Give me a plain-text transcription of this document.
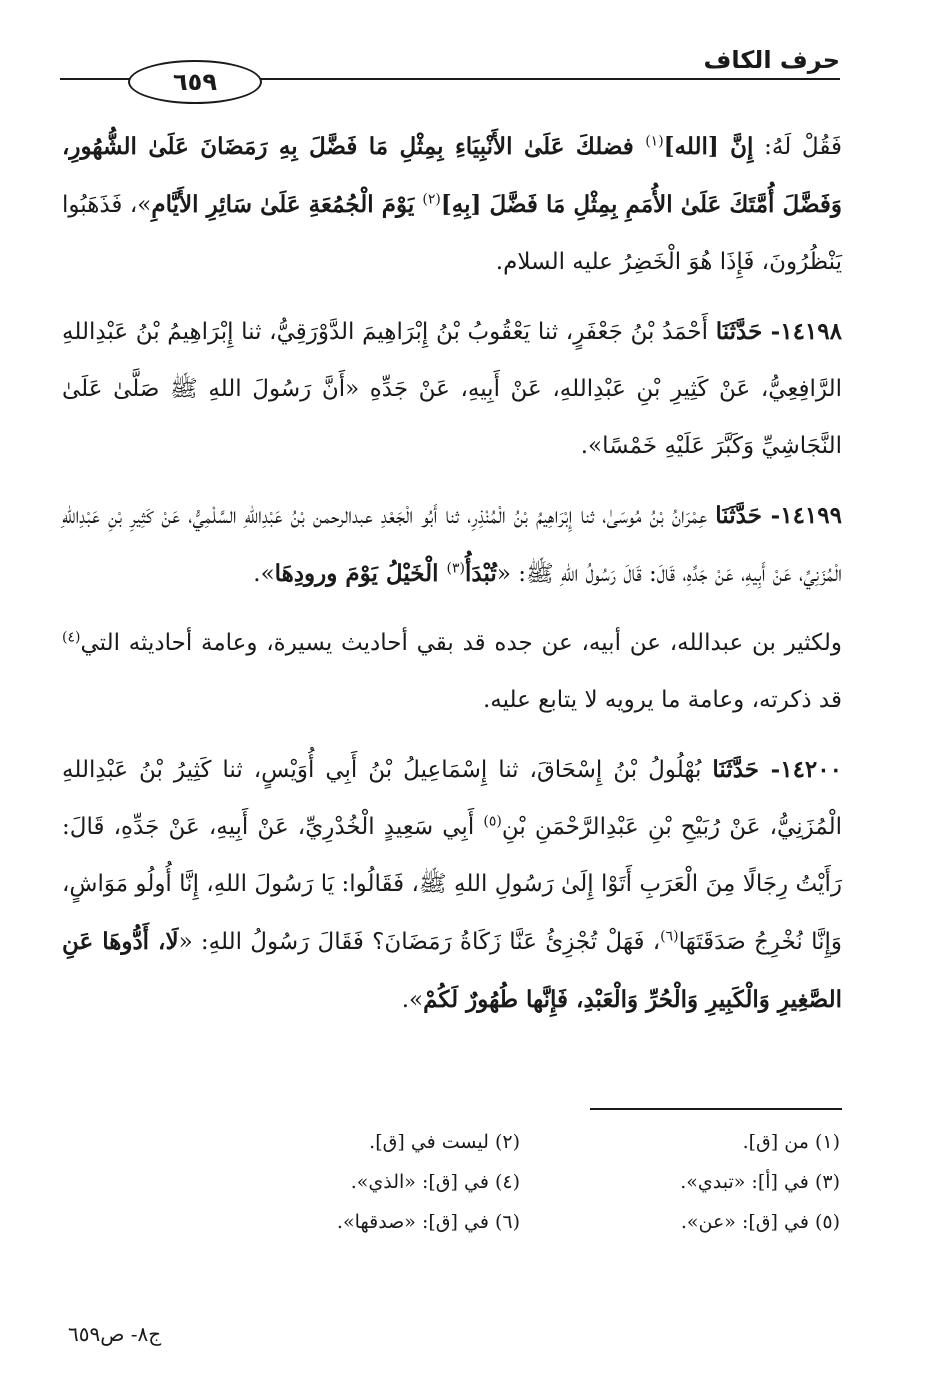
حرف الكاف
٦٥٩

فَقُلْ لَهُ: إِنَّ [الله]$^{(١)}$ فضلكَ عَلَىٰ الأَنْبِيَاءِ بِمِثْلِ مَا فَضَّلَ بِهِ رَمَضَانَ عَلَىٰ الشُّهُورِ، وَفَضَّلَ أُمَّتَكَ عَلَىٰ الأُمَمِ بِمِثْلِ مَا فَضَّلَ [بِهِ]$^{(٢)}$ يَوْمَ الْجُمُعَةِ عَلَىٰ سَائِرِ الأَيَّامِ»، فَذَهَبُوا يَنْظُرُونَ، فَإِذَا هُوَ الْخَضِرُ عليه السلام.

١٤١٩٨- حَدَّثَنَا أَحْمَدُ بْنُ جَعْفَرٍ، ثنا يَعْقُوبُ بْنُ إِبْرَاهِيمَ الدَّوْرَقِيُّ، ثنا إِبْرَاهِيمُ بْنُ عَبْدِاللهِ الرَّافِعِيُّ، عَنْ كَثِيرِ بْنِ عَبْدِاللهِ، عَنْ أَبِيهِ، عَنْ جَدِّهِ «أَنَّ رَسُولَ اللهِ ﷺ صَلَّىٰ عَلَىٰ النَّجَاشِيِّ وَكَبَّرَ عَلَيْهِ خَمْسًا».

١٤١٩٩- حَدَّثَنَا عِمْرَانُ بْنُ مُوسَىٰ، ثنا إِبْرَاهِيمُ بْنُ الْمُنْذِرِ، ثنا أَبُو الْجَعْدِ عبدالرحمن بْنُ عَبْدِاللهِ السَّلْمِيُّ، عَنْ كَثِيرِ بْنِ عَبْدِاللهِ الْمُزَنِيِّ، عَنْ أَبِيهِ، عَنْ جَدِّهِ، قَالَ: قَالَ رَسُولُ اللهِ ﷺ: «تُبْدَأُ$^{(٣)}$ الْخَيْلُ يَوْمَ ورودِهَا».

ولكثير بن عبدالله، عن أبيه، عن جده قد بقي أحاديث يسيرة، وعامة أحاديثه التي$^{(٤)}$ قد ذكرته، وعامة ما يرويه لا يتابع عليه.

١٤٢٠٠- حَدَّثَنَا بُهْلُولُ بْنُ إِسْحَاقَ، ثنا إِسْمَاعِيلُ بْنُ أَبِي أُوَيْسٍ، ثنا كَثِيرُ بْنُ عَبْدِاللهِ الْمُزَنِيُّ، عَنْ رُبَيْحِ بْنِ عَبْدِالرَّحْمَنِ بْنِ$^{(٥)}$ أَبِي سَعِيدٍ الْخُدْرِيِّ، عَنْ أَبِيهِ، عَنْ جَدِّهِ، قَالَ: رَأَيْتُ رِجَالًا مِنَ الْعَرَبِ أَتَوْا إِلَىٰ رَسُولِ اللهِ ﷺ، فَقَالُوا: يَا رَسُولَ اللهِ، إِنَّا أُولُو مَوَاشٍ، وَإِنَّا نُخْرِجُ صَدَقَتَهَا$^{(٦)}$، فَهَلْ تُجْزِئُ عَنَّا زَكَاةُ رَمَضَانَ؟ فَقَالَ رَسُولُ اللهِ: «لَا، أَدُّوهَا عَنِ الصَّغِيرِ وَالْكَبِيرِ وَالْحُرِّ وَالْعَبْدِ، فَإِنَّها طُهُورٌ لَكُمْ».

(١) من [ق].
(٢) ليست في [ق].
(٣) في [أ]: «تبدي».
(٤) في [ق]: «الذي».
(٥) في [ق]: «عن».
(٦) في [ق]: «صدقها».
ج٨- ص٦٥٩
